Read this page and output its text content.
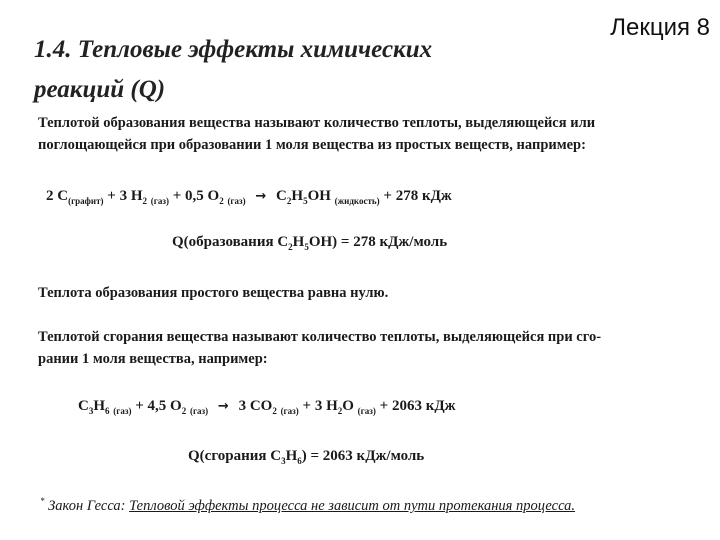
Лекция 8
1.4. Тепловые эффекты химических
реакций (Q)
Теплотой образования вещества называют количество теплоты, выделяющейся или
поглощающейся при образовании 1 моля вещества из простых веществ, например:
2 $C_{(графит)} + 3$ $H_2$ $_{(газ)}$ + 0,5 $O_2$ $_{(газ)} \to C_2H_5OH$ $_{(жидкость)}$ + 278 кДж
Q(образования $C_2H_5OH) = 278$ кДж/моль
Теплота образования простого вещества равна нулю.
Теплотой сгорания вещества называют количество теплоты, выделяющейся при сго-
рании 1 моля вещества, например:
$C_3H_6$ $_{(газ)}$ + 4,5 $O_2$ $_{(газ)}$ → 3 $CO_2$ $_{(газ)}$ + 3 $H_2O$ $_{(газ)}$ + 2063 кДж
Q(сгорания $C_3H_6) = 2063$ кДж/моль
* Закон Гесса: Тепловой эффекты процесса не зависит от пути протекания процесса.
